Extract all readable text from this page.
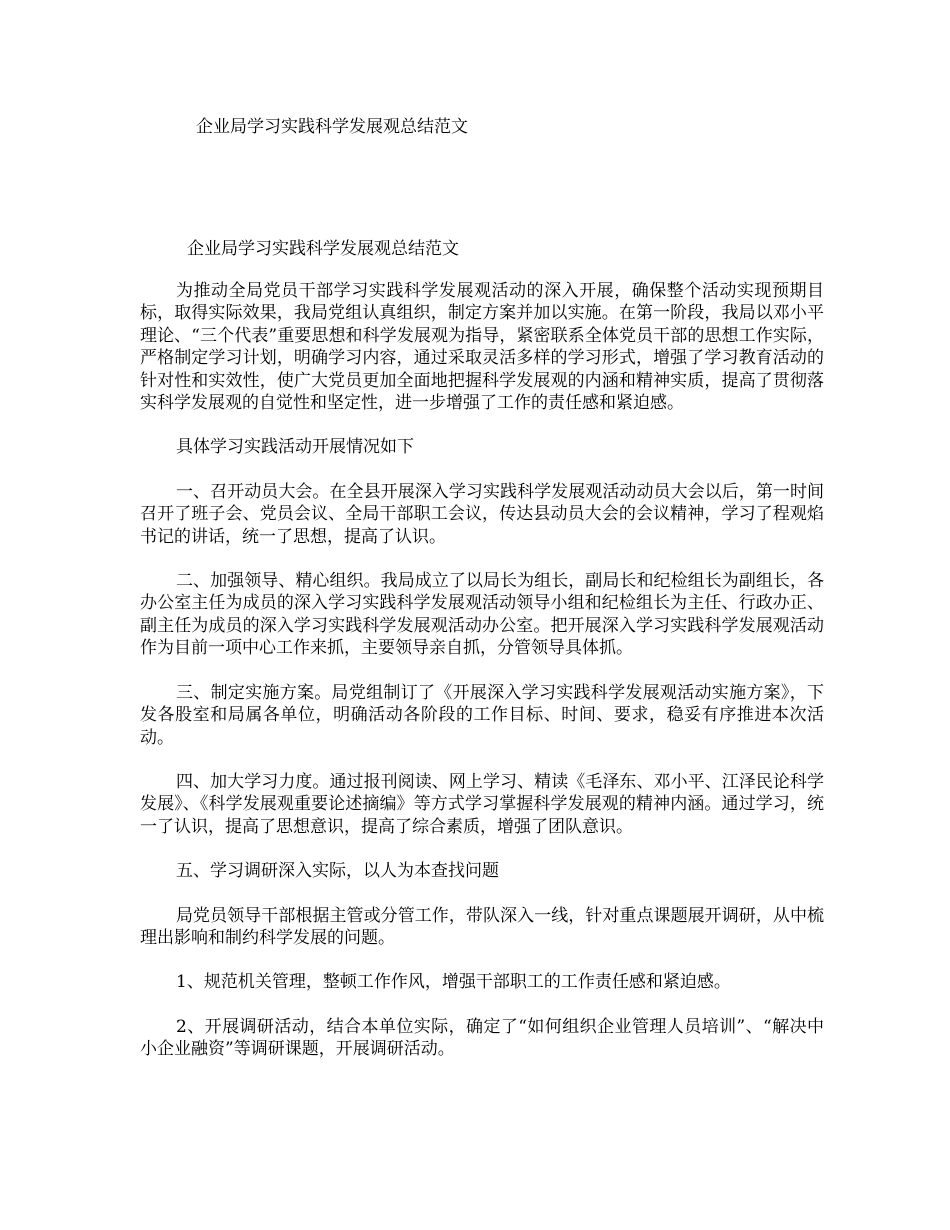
企业局学习实践科学发展观总结范文
企业局学习实践科学发展观总结范文

为推动全局党员干部学习实践科学发展观活动的深入开展，确保整个活动实现预期目标，取得实际效果，我局党组认真组织，制定方案并加以实施。在第一阶段，我局以邓小平理论、“三个代表”重要思想和科学发展观为指导，紧密联系全体党员干部的思想工作实际，严格制定学习计划，明确学习内容，通过采取灵活多样的学习形式，增强了学习教育活动的针对性和实效性，使广大党员更加全面地把握科学发展观的内涵和精神实质，提高了贯彻落实科学发展观的自觉性和坚定性，进一步增强了工作的责任感和紧迫感。

具体学习实践活动开展情况如下

一、召开动员大会。在全县开展深入学习实践科学发展观活动动员大会以后，第一时间召开了班子会、党员会议、全局干部职工会议，传达县动员大会的会议精神，学习了程观焰书记的讲话，统一了思想，提高了认识。

二、加强领导、精心组织。我局成立了以局长为组长，副局长和纪检组长为副组长，各办公室主任为成员的深入学习实践科学发展观活动领导小组和纪检组长为主任、行政办正、副主任为成员的深入学习实践科学发展观活动办公室。把开展深入学习实践科学发展观活动作为目前一项中心工作来抓，主要领导亲自抓，分管领导具体抓。

三、制定实施方案。局党组制订了《开展深入学习实践科学发展观活动实施方案》，下发各股室和局属各单位，明确活动各阶段的工作目标、时间、要求，稳妥有序推进本次活动。

四、加大学习力度。通过报刊阅读、网上学习、精读《毛泽东、邓小平、江泽民论科学发展》、《科学发展观重要论述摘编》等方式学习掌握科学发展观的精神内涵。通过学习，统一了认识，提高了思想意识，提高了综合素质，增强了团队意识。

五、学习调研深入实际，以人为本查找问题

局党员领导干部根据主管或分管工作，带队深入一线，针对重点课题展开调研，从中梳理出影响和制约科学发展的问题。

1、规范机关管理，整顿工作作风，增强干部职工的工作责任感和紧迫感。

2、开展调研活动，结合本单位实际，确定了“如何组织企业管理人员培训”、“解决中小企业融资”等调研课题，开展调研活动。
